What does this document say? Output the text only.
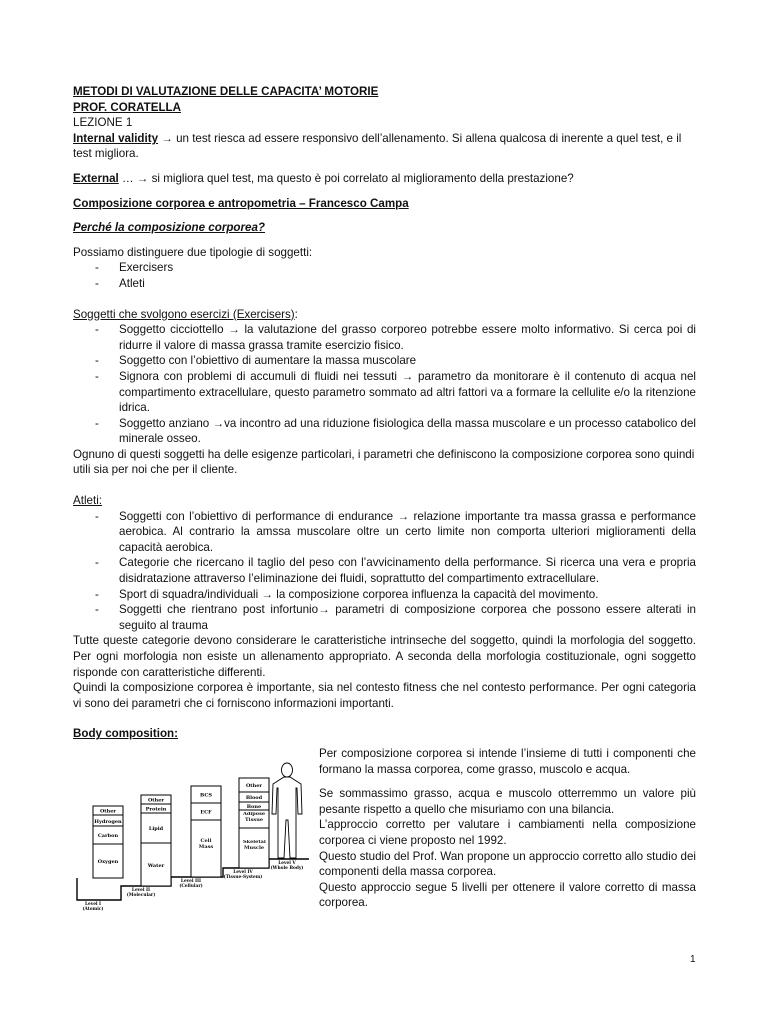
METODI DI VALUTAZIONE DELLE CAPACITA’ MOTORIE

PROF. CORATELLA

LEZIONE 1

Internal validity → un test riesca ad essere responsivo dell’allenamento. Si allena qualcosa di inerente a quel test, e il test migliora.

External … → si migliora quel test, ma questo è poi correlato al miglioramento della prestazione?

Composizione corporea e antropometria – Francesco Campa

Perché la composizione corporea?

Possiamo distinguere due tipologie di soggetti:

- Exercisers
- Atleti

Soggetti che svolgono esercizi (Exercisers):

- Soggetto cicciottello → la valutazione del grasso corporeo potrebbe essere molto informativo. Si cerca poi di ridurre il valore di massa grassa tramite esercizio fisico.
- Soggetto con l’obiettivo di aumentare la massa muscolare
- Signora con problemi di accumuli di fluidi nei tessuti → parametro da monitorare è il contenuto di acqua nel compartimento extracellulare, questo parametro sommato ad altri fattori va a formare la cellulite e/o la ritenzione idrica.
- Soggetto anziano →va incontro ad una riduzione fisiologica della massa muscolare e un processo catabolico del minerale osseo.

Ognuno di questi soggetti ha delle esigenze particolari, i parametri che definiscono la composizione corporea sono quindi utili sia per noi che per il cliente.

Atleti:

- Soggetti con l’obiettivo di performance di endurance → relazione importante tra massa grassa e performance aerobica. Al contrario la amssa muscolare oltre un certo limite non comporta ulteriori miglioramenti della capacità aerobica.
- Categorie che ricercano il taglio del peso con l’avvicinamento della performance. Si ricerca una vera e propria disidratazione attraverso l’eliminazione dei fluidi, soprattutto del compartimento extracellulare.
- Sport di squadra/individuali → la composizione corporea influenza la capacità del movimento.
- Soggetti che rientrano post infortunio→ parametri di composizione corporea che possono essere alterati in seguito al trauma

Tutte queste categorie devono considerare le caratteristiche intrinseche del soggetto, quindi la morfologia del soggetto. Per ogni morfologia non esiste un allenamento appropriato. A seconda della morfologia costituzionale, ogni soggetto risponde con caratteristiche differenti.

Quindi la composizione corporea è importante, sia nel contesto fitness che nel contesto performance. Per ogni categoria vi sono dei parametri che ci forniscono informazioni importanti.

Body composition:

Other
Hydrogen
Carbon
Oxygen
Other
Protein
Lipid
Water
BCS
ECF
Cell Mass
Other
Blood
Bone
Adipose Tissue
Skeletal Muscle
Level I
(Atomic)
Level II
(Molecular)
Level III
(Cellular)
Level IV
(Tissue-System)
Level V
(Whole Body)

Per composizione corporea si intende l’insieme di tutti i componenti che formano la massa corporea, come grasso, muscolo e acqua.

Se sommassimo grasso, acqua e muscolo otterremmo un valore più pesante rispetto a quello che misuriamo con una bilancia.

L’approccio corretto per valutare i cambiamenti nella composizione corporea ci viene proposto nel 1992.

Questo studio del Prof. Wan propone un approccio corretto allo studio dei componenti della massa corporea.

Questo approccio segue 5 livelli per ottenere il valore corretto di massa corporea.

1
